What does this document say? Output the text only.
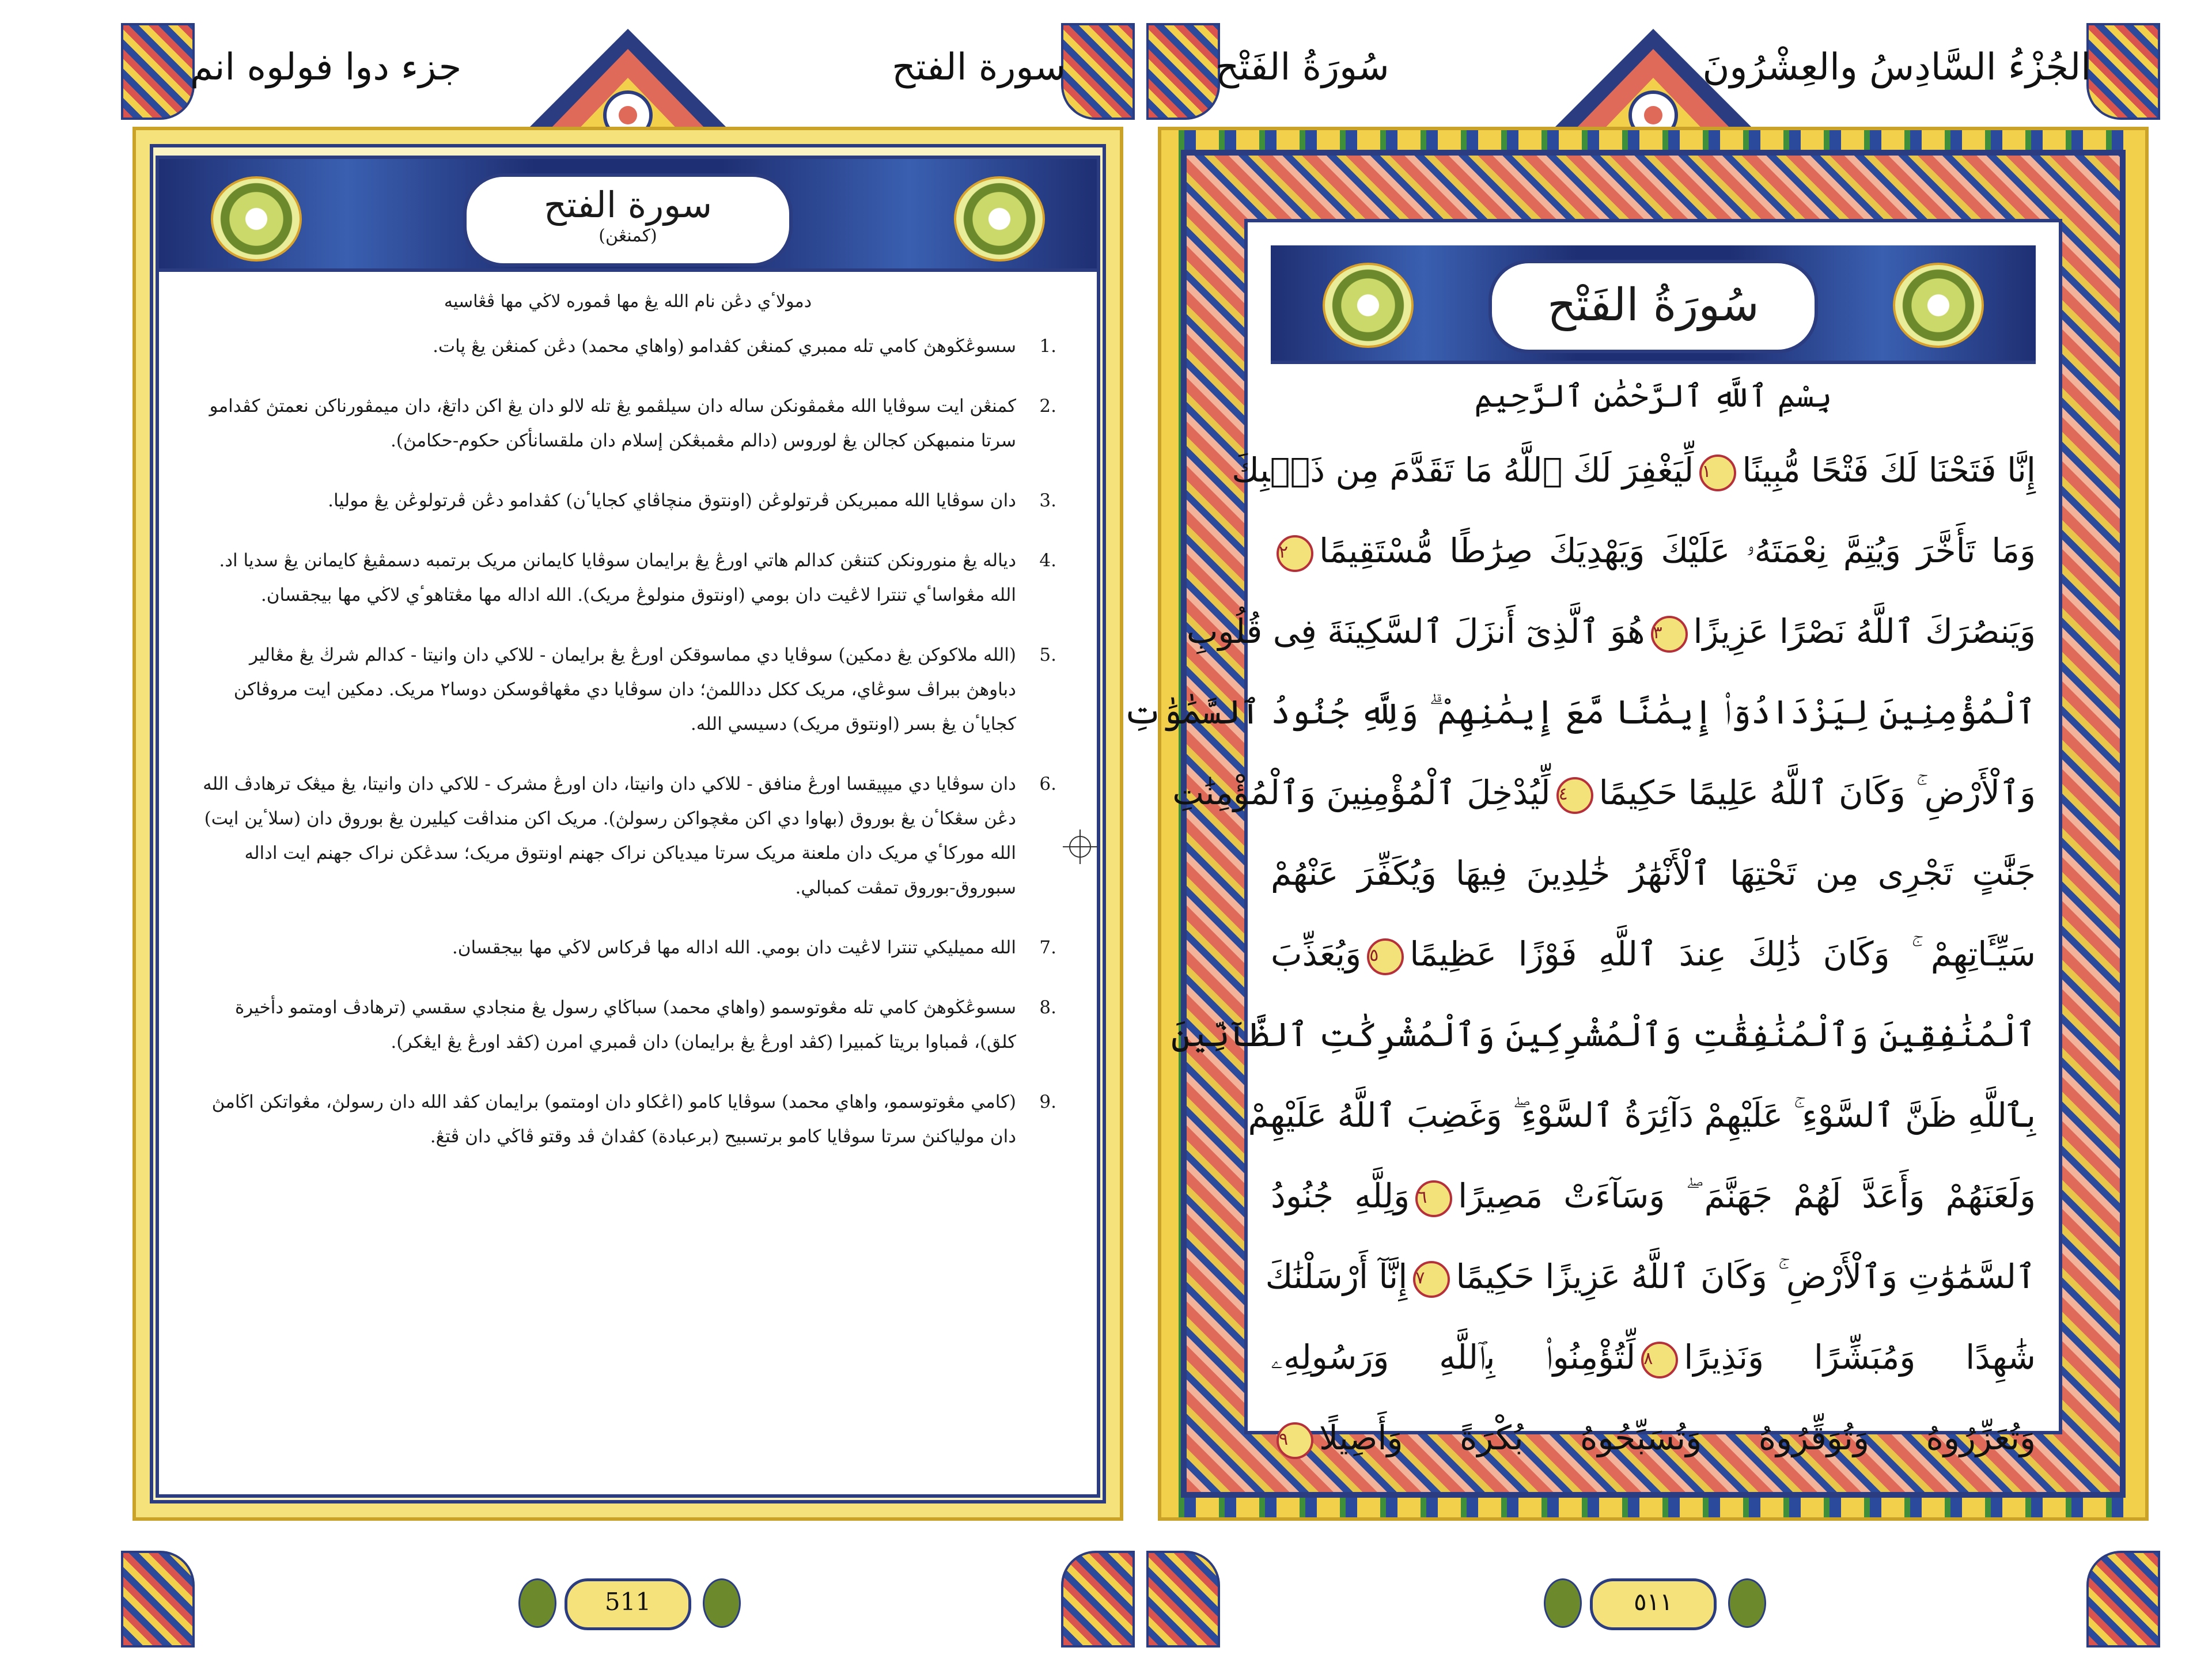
جزء دوا فولوه انم	سورة الفتح
سورة الفتح
(كمنڠن)
دمولاٴي دڠن نام الله يڠ مها ڤموره لاڬي مها ڤڠاسيه
1.
سسوڠڬوهڽ كامي تله ممبري كمنڠن كڤدامو (واهاي محمد) دڠن كمنڠن يڠ ڽات.
2.
كمنڠن ايت سوڤايا الله مڠمڤونكن ساله دان سيلڤمو يڠ تله لالو دان يڠ اكن داتڠ، دان ميمڤورناكن نعمتڽ كڤدامو سرتا منمبهكن كجالن يڠ لوروس (دالم مڠمبڠكن إسلام دان ملقسانأكن حكوم-حكامڽ).
3.
دان سوڤايا الله ممبريكن ڤرتولوڠن (اونتوق منچاڤاي كجاياٴن) كڤدامو دڠن ڤرتولوڠن يڠ موليا.
4.
دياله يڠ منورونكن كتنڠن كدالم هاتي اورڠ يڠ برايمان سوڤايا كايمانن مريک برتمبه دسمڤيڠ كايمانن يڠ سديا اد. الله مڠواساٴي تنترا لاڠيت دان بومي (اونتوق منولوڠ مريک). الله اداله مها مڠتاهوٴي لاڬي مها بيجقسان.
5.
(الله ملاكوكن يڠ دمكين) سوڤايا دي مماسوقكن اورڠ يڠ برايمان - للاكي دان وانيتا - كدالم شرڬ يڠ مڠالير دباوهڽ ببراڤ سوڠاي، مريک ككل دداللمڽ؛ دان سوڤايا دي مڠهاڤوسكن دوسا٢ مريک. دمكين ايت مروڤاكن كجاياٴن يڠ بسر (اونتوق مريک) دسيسي الله.
6.
دان سوڤايا دي ميڽيقسا اورڠ منافق - للاكي دان وانيتا، دان اورڠ مشرک - للاكي دان وانيتا، يڠ ميڠک ترهادڤ الله دڠن سڠكاٴن يڠ بوروق (بهاوا دي اكن مڠچواكن رسولڽ). مريک اكن منداڤت كيليرن يڠ بوروق دان (سلاٴين ايت) الله موركاٴي مريک دان ملعنة مريک سرتا ميدياكن نراک جهنم اونتوق مريک؛ سدڠكن نراک جهنم ايت اداله سبوروق-بوروق تمڤت كمبالي.
7.
الله مميليكي تنترا لاڠيت دان بومي. الله اداله مها ڤركاس لاڬي مها بيجقسان.
8.
سسوڠڬوهڽ كامي تله مڠوتوسمو (واهاي محمد) سباڬاي رسول يڠ منجادي سقسي (ترهادڤ اومتمو دأخيرة كلق)، ڤمباوا بريتا ڬمبيرا (كڤد اورڠ يڠ برايمان) دان ڤمبري امرن (كڤد اورڠ يڠ ايڠكر).
9.
(كامي مڠوتوسمو، واهاي محمد) سوڤايا كامو (اڠكاو دان اومتمو) برايمان كڤد الله دان رسولڽ، مڠواتكن اڬامڽ دان مولياكنڽ سرتا سوڤايا كامو برتسبيح (برعبادة) كڤداڽ ڤد وقتو ڤاڬي دان ڤتڠ.
511
سُورَةُ الفَتْح	الجُزْءُ السَّادِسُ والعِشْرُونَ
سُورَةُ الفَتْح
بِسْمِ ٱللَّهِ ٱلرَّحْمَٰنِ ٱلرَّحِيمِ
إِنَّا فَتَحْنَا لَكَ فَتْحًا مُّبِينًا١لِّيَغْفِرَ لَكَ ٱللَّهُ مَا تَقَدَّمَ مِن ذَنۢبِكَ
وَمَا تَأَخَّرَ وَيُتِمَّ نِعْمَتَهُۥ عَلَيْكَ وَيَهْدِيَكَ صِرَٰطًا مُّسْتَقِيمًا٢
وَيَنصُرَكَ ٱللَّهُ نَصْرًا عَزِيزًا٣هُوَ ٱلَّذِىٓ أَنزَلَ ٱلسَّكِينَةَ فِى قُلُوبِ
ٱلْمُؤْمِنِينَ لِيَزْدَادُوٓا۟ إِيمَٰنًا مَّعَ إِيمَٰنِهِمْ ۗ وَلِلَّهِ جُنُودُ ٱلسَّمَٰوَٰتِ
وَٱلْأَرْضِ ۚ وَكَانَ ٱللَّهُ عَلِيمًا حَكِيمًا٤لِّيُدْخِلَ ٱلْمُؤْمِنِينَ وَٱلْمُؤْمِنَٰتِ
جَنَّٰتٍ تَجْرِى مِن تَحْتِهَا ٱلْأَنْهَٰرُ خَٰلِدِينَ فِيهَا وَيُكَفِّرَ عَنْهُمْ
سَيِّـَٔاتِهِمْ ۚ وَكَانَ ذَٰلِكَ عِندَ ٱللَّهِ فَوْزًا عَظِيمًا٥وَيُعَذِّبَ
ٱلْمُنَٰفِقِينَ وَٱلْمُنَٰفِقَٰتِ وَٱلْمُشْرِكِينَ وَٱلْمُشْرِكَٰتِ ٱلظَّآنِّينَ
بِٱللَّهِ ظَنَّ ٱلسَّوْءِ ۚ عَلَيْهِمْ دَآئِرَةُ ٱلسَّوْءِ ۖ وَغَضِبَ ٱللَّهُ عَلَيْهِمْ
وَلَعَنَهُمْ وَأَعَدَّ لَهُمْ جَهَنَّمَ ۖ وَسَآءَتْ مَصِيرًا٦وَلِلَّهِ جُنُودُ
ٱلسَّمَٰوَٰتِ وَٱلْأَرْضِ ۚ وَكَانَ ٱللَّهُ عَزِيزًا حَكِيمًا٧إِنَّآ أَرْسَلْنَٰكَ
شَٰهِدًا وَمُبَشِّرًا وَنَذِيرًا٨لِّتُؤْمِنُوا۟ بِٱللَّهِ وَرَسُولِهِۦ
وَتُعَزِّرُوهُ وَتُوَقِّرُوهُ وَتُسَبِّحُوهُ بُكْرَةً وَأَصِيلًا٩
٥١١
